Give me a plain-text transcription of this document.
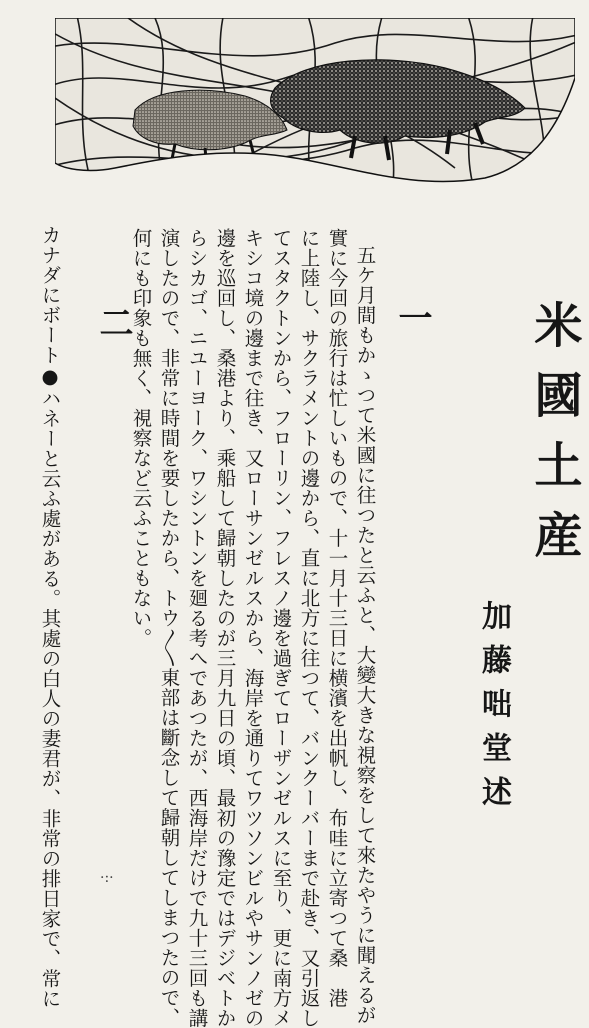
米國土産
加藤咄堂述
一
二	　五ケ月間もかゝつて米國に往つたと云ふと、大變大きな視察をして來たやうに聞えるが
實に今回の旅行は忙しいもので、十一月十三日に横濱を出帆し、布哇に立寄つて桑　港
に上陸し、サクラメントの邊から、直に北方に往つて、バンクーバーまで赴き、又引返し
てスタクトンから、フローリン、フレスノ邊を過ぎてローザンゼルスに至り、更に南方メ
キシコ境の邊まで往き、又ローサンゼルスから、海岸を通りてワツソンビルやサンノゼの
邊を巡回し、桑港より、乘船して歸朝したのが三月九日の頃、最初の豫定ではデジベトか
らシカゴ、ニユーヨーク、ワシントンを廻る考へであつたが、西海岸だけで九十三回も講
演したので、非常に時間を要したから、トウ〳〵東部は斷念して歸朝してしまつたので、
何にも印象も無く、視察など云ふこともない。
カナダにボート●ハネーと云ふ處がある。其處の白人の妻君が、非常の排日家で、常に	·:·
